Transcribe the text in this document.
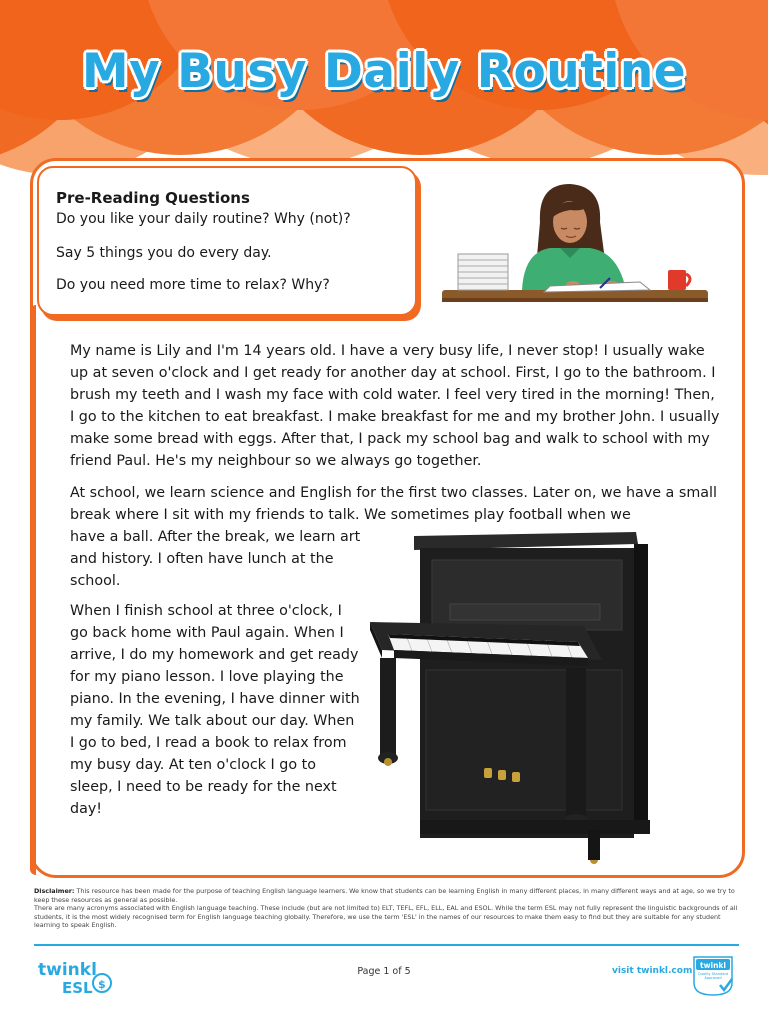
My Busy Daily Routine
Pre-Reading Questions
Do you like your daily routine? Why (not)?
Say 5 things you do every day.
Do you need more time to relax? Why?
My name is Lily and I'm 14 years old. I have a very busy life, I never stop! I usually wake up at seven o'clock and I get ready for another day at school. First, I go to the bathroom. I brush my teeth and I wash my face with cold water. I feel very tired in the morning! Then, I go to the kitchen to eat breakfast. I make breakfast for me and my brother John. I usually make some bread with eggs. After that, I pack my school bag and walk to school with my friend Paul. He's my neighbour so we always go together.
At school, we learn science and English for the first two classes. Later on, we have a small break where I sit with my friends to talk. We sometimes play football when we
have a ball. After the break, we learn art and history. I often have lunch at the school.
When I finish school at three o'clock, I go back home with Paul again. When I arrive, I do my homework and get ready for my piano lesson. I love playing the piano. In the evening, I have dinner with my family. We talk about our day. When I go to bed, I read a book to relax from my busy day. At ten o'clock I go to sleep, I need to be ready for the next day!
Disclaimer: This resource has been made for the purpose of teaching English language learners. We know that students can be learning English in many different places, in many different ways and at age, so we try to keep these resources as general as possible.
There are many acronyms associated with English language teaching. These include (but are not limited to) ELT, TEFL, EFL, ELL, EAL and ESOL. While the term ESL may not fully represent the linguistic backgrounds of all students, it is the most widely recognised term for English language teaching globally. Therefore, we use the term 'ESL' in the names of our resources to make them easy to find but they are suitable for any student learning to speak English.
twinkl
ESL $
Page 1 of 5	visit twinkl.com
twinkl
Quality Standard Approved
